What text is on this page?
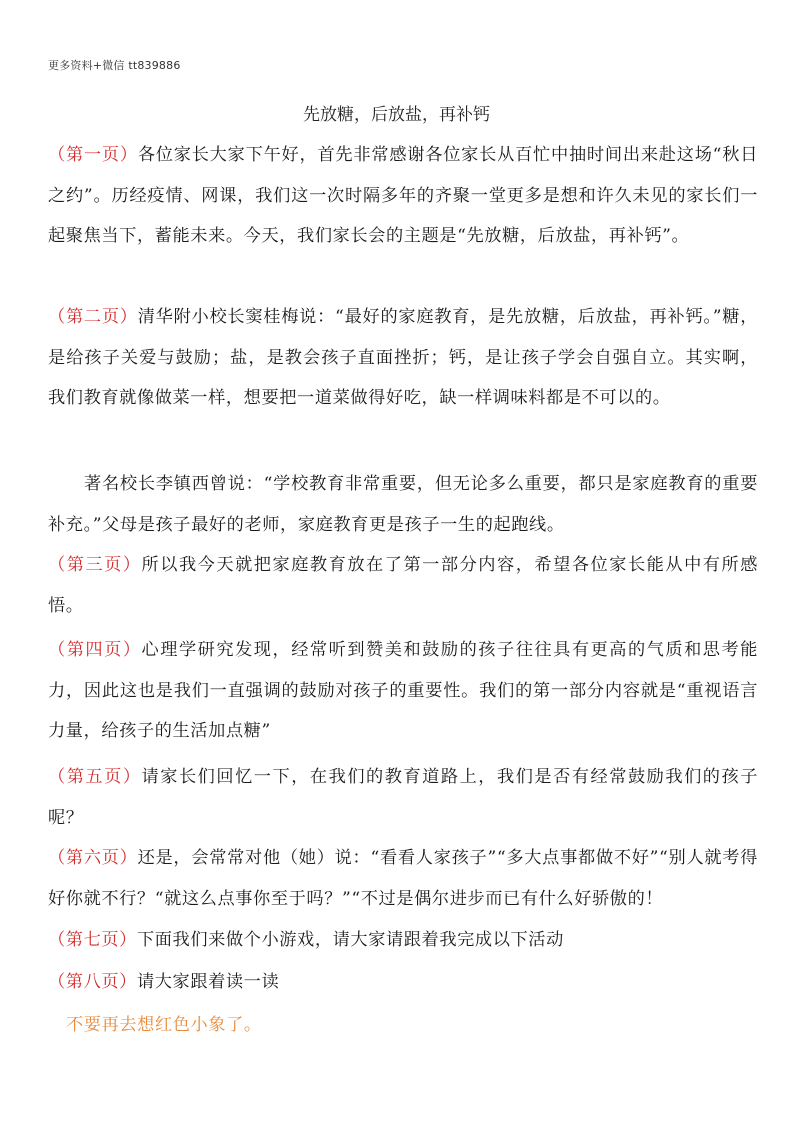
更多资料+微信 tt839886
先放糖，后放盐，再补钙
（第一页）各位家长大家下午好，首先非常感谢各位家长从百忙中抽时间出来赴这场“秋日之约”。历经疫情、网课，我们这一次时隔多年的齐聚一堂更多是想和许久未见的家长们一起聚焦当下，蓄能未来。今天，我们家长会的主题是“先放糖，后放盐，再补钙”。
（第二页）清华附小校长窦桂梅说：“最好的家庭教育，是先放糖，后放盐，再补钙。”糖，是给孩子关爱与鼓励；盐，是教会孩子直面挫折；钙，是让孩子学会自强自立。其实啊，我们教育就像做菜一样，想要把一道菜做得好吃，缺一样调味料都是不可以的。
著名校长李镇西曾说：“学校教育非常重要，但无论多么重要，都只是家庭教育的重要补充。”父母是孩子最好的老师，家庭教育更是孩子一生的起跑线。
（第三页）所以我今天就把家庭教育放在了第一部分内容，希望各位家长能从中有所感悟。
（第四页）心理学研究发现，经常听到赞美和鼓励的孩子往往具有更高的气质和思考能力，因此这也是我们一直强调的鼓励对孩子的重要性。我们的第一部分内容就是“重视语言力量，给孩子的生活加点糖”
（第五页）请家长们回忆一下，在我们的教育道路上，我们是否有经常鼓励我们的孩子呢？
（第六页）还是，会常常对他（她）说：“看看人家孩子”“多大点事都做不好”“别人就考得好你就不行？“就这么点事你至于吗？”“不过是偶尔进步而已有什么好骄傲的！
（第七页）下面我们来做个小游戏，请大家请跟着我完成以下活动
（第八页）请大家跟着读一读
不要再去想红色小象了。
